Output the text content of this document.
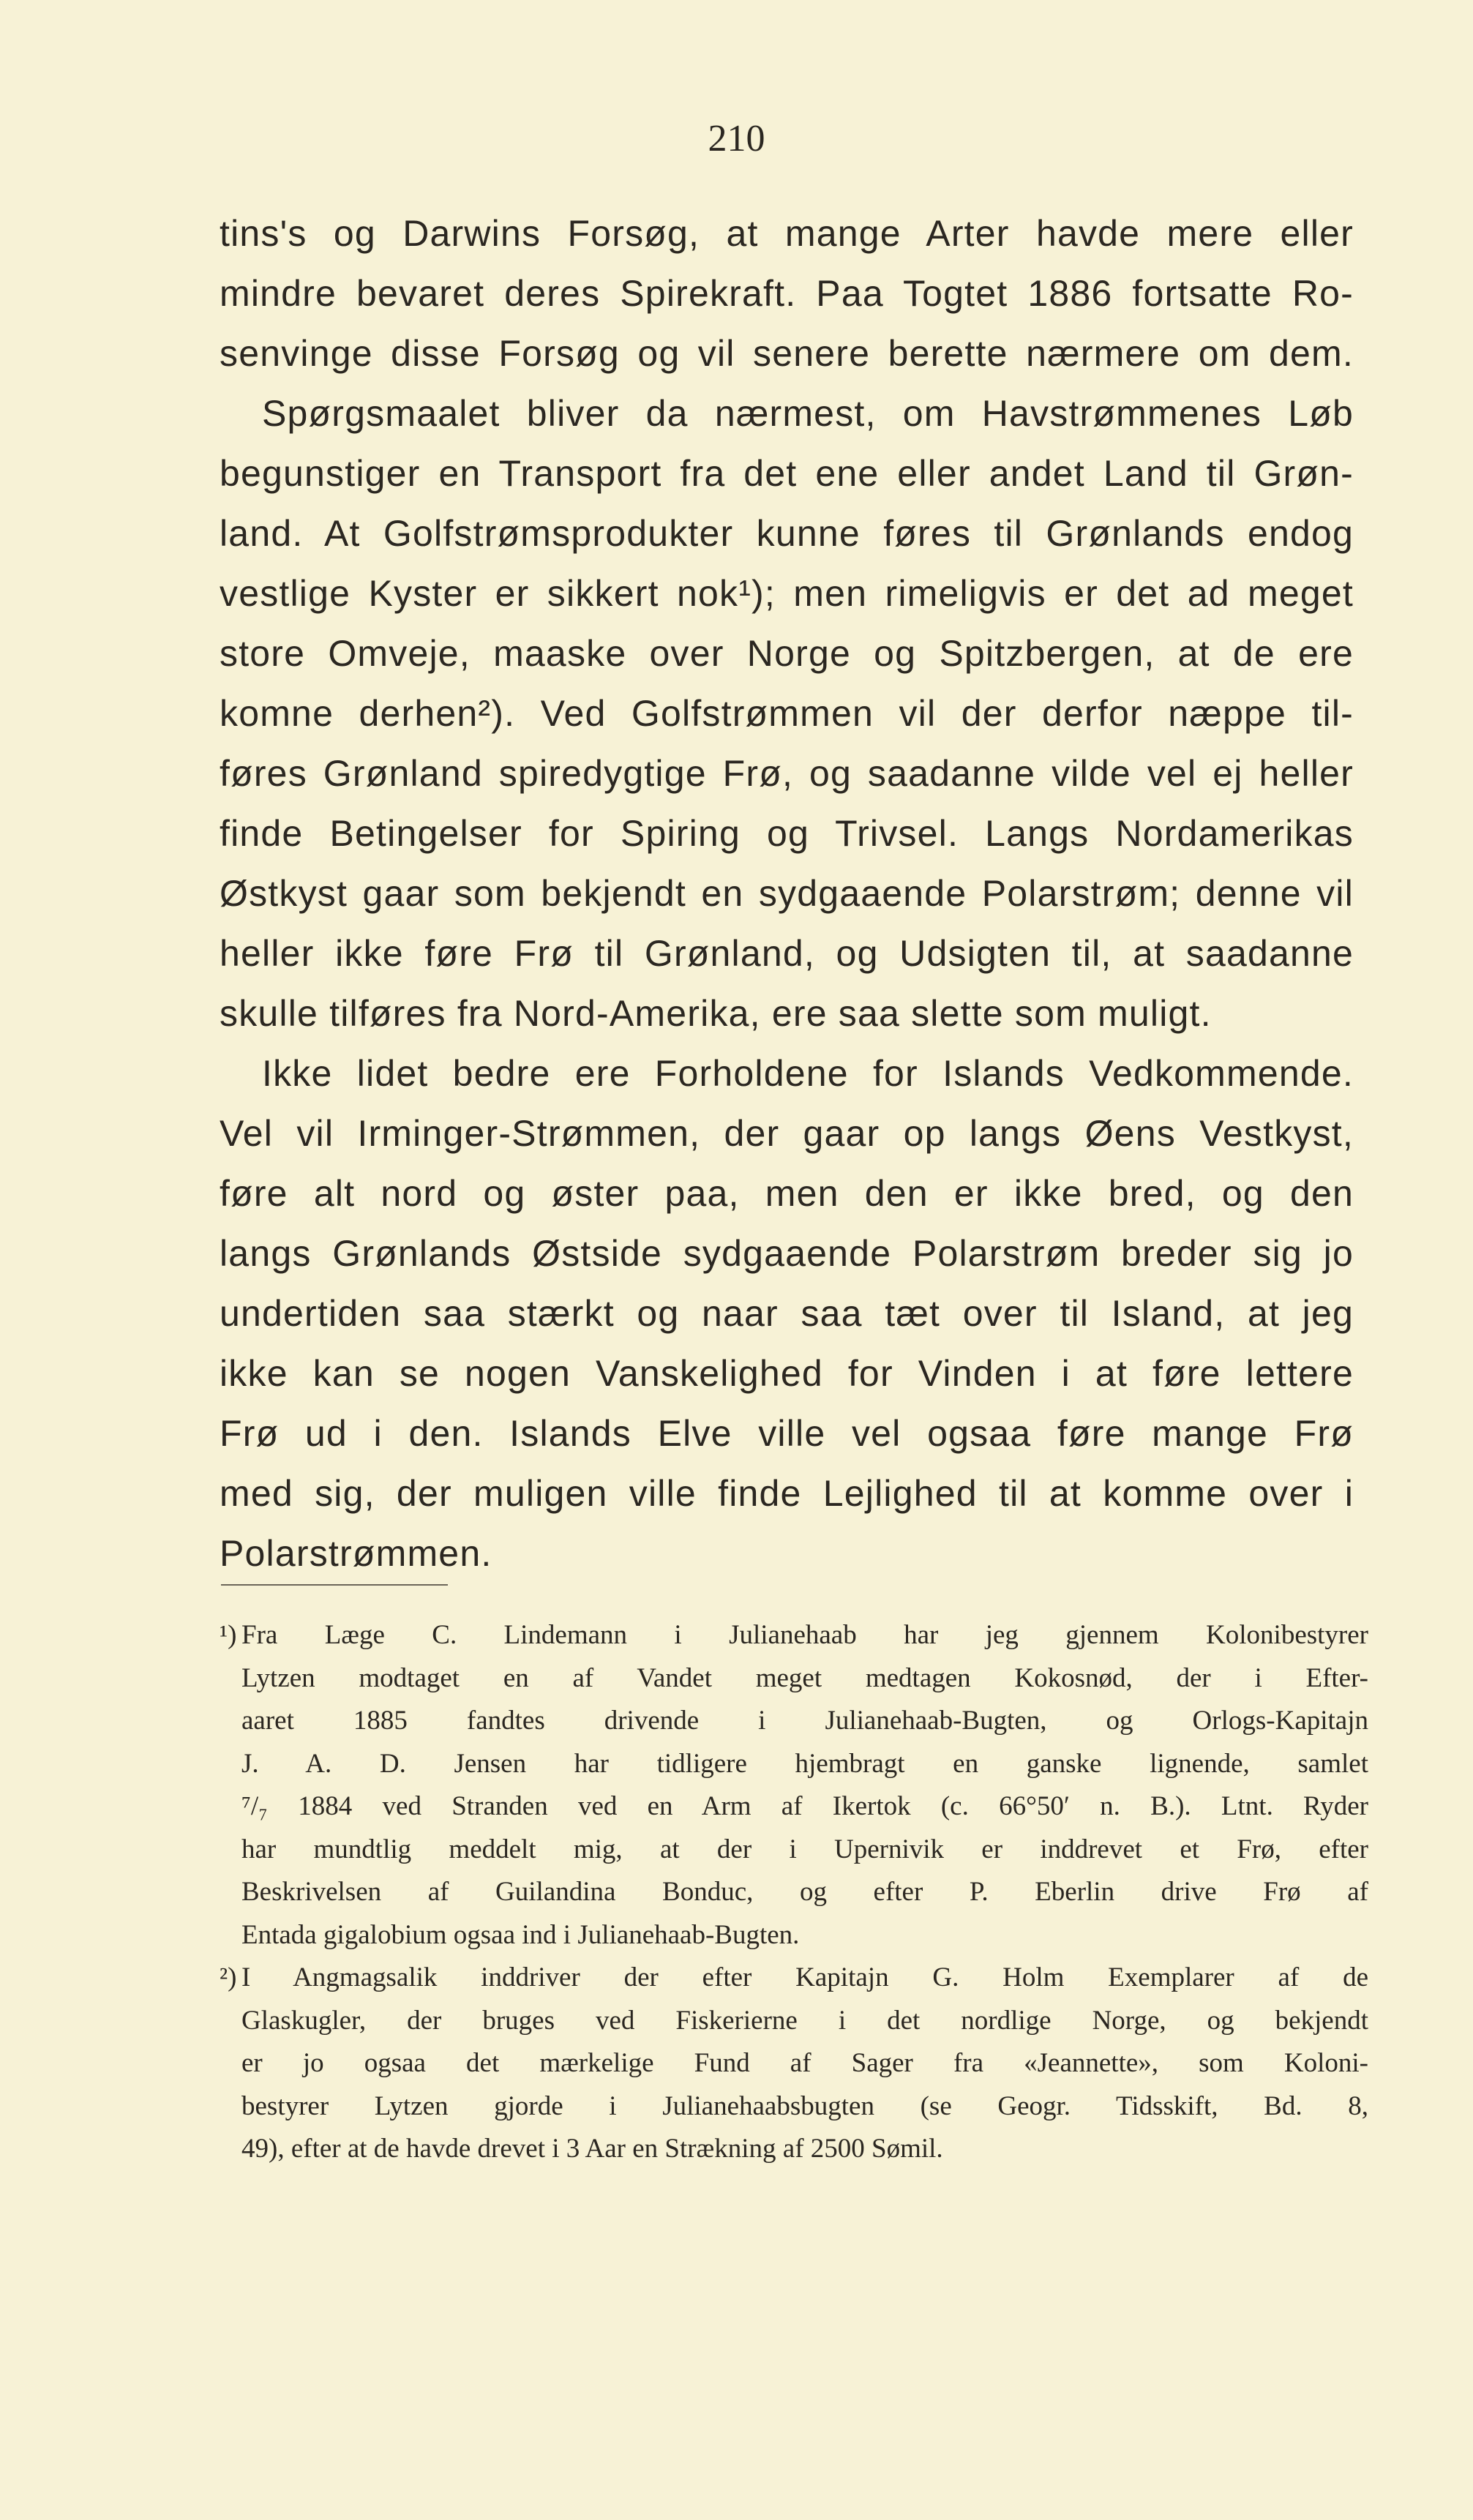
210
tins's og Darwins Forsøg, at mange Arter havde mere eller
mindre bevaret deres Spirekraft. Paa Togtet 1886 fortsatte Ro-
senvinge disse Forsøg og vil senere berette nærmere om dem.
Spørgsmaalet bliver da nærmest, om Havstrømmenes Løb
begunstiger en Transport fra det ene eller andet Land til Grøn-
land. At Golfstrømsprodukter kunne føres til Grønlands endog
vestlige Kyster er sikkert nok¹); men rimeligvis er det ad meget
store Omveje, maaske over Norge og Spitzbergen, at de ere
komne derhen²). Ved Golfstrømmen vil der derfor næppe til-
føres Grønland spiredygtige Frø, og saadanne vilde vel ej heller
finde Betingelser for Spiring og Trivsel. Langs Nordamerikas
Østkyst gaar som bekjendt en sydgaaende Polarstrøm; denne vil
heller ikke føre Frø til Grønland, og Udsigten til, at saadanne
skulle tilføres fra Nord-Amerika, ere saa slette som muligt.
Ikke lidet bedre ere Forholdene for Islands Vedkommende.
Vel vil Irminger-Strømmen, der gaar op langs Øens Vestkyst,
føre alt nord og øster paa, men den er ikke bred, og den
langs Grønlands Østside sydgaaende Polarstrøm breder sig jo
undertiden saa stærkt og naar saa tæt over til Island, at jeg
ikke kan se nogen Vanskelighed for Vinden i at føre lettere
Frø ud i den. Islands Elve ville vel ogsaa føre mange Frø
med sig, der muligen ville finde Lejlighed til at komme over i
Polarstrømmen.
¹) Fra Læge C. Lindemann i Julianehaab har jeg gjennem Kolonibestyrer
Lytzen modtaget en af Vandet meget medtagen Kokosnød, der i Efter-
aaret 1885 fandtes drivende i Julianehaab-Bugten, og Orlogs-Kapitajn
J. A. D. Jensen har tidligere hjembragt en ganske lignende, samlet
⁷/₇ 1884 ved Stranden ved en Arm af Ikertok (c. 66°50′ n. B.). Ltnt. Ryder
har mundtlig meddelt mig, at der i Upernivik er inddrevet et Frø, efter
Beskrivelsen af Guilandina Bonduc, og efter P. Eberlin drive Frø af
Entada gigalobium ogsaa ind i Julianehaab-Bugten.
²) I Angmagsalik inddriver der efter Kapitajn G. Holm Exemplarer af de
Glaskugler, der bruges ved Fiskerierne i det nordlige Norge, og bekjendt
er jo ogsaa det mærkelige Fund af Sager fra «Jeannette», som Koloni-
bestyrer Lytzen gjorde i Julianehaabsbugten (se Geogr. Tidsskift, Bd. 8,
49), efter at de havde drevet i 3 Aar en Strækning af 2500 Sømil.
